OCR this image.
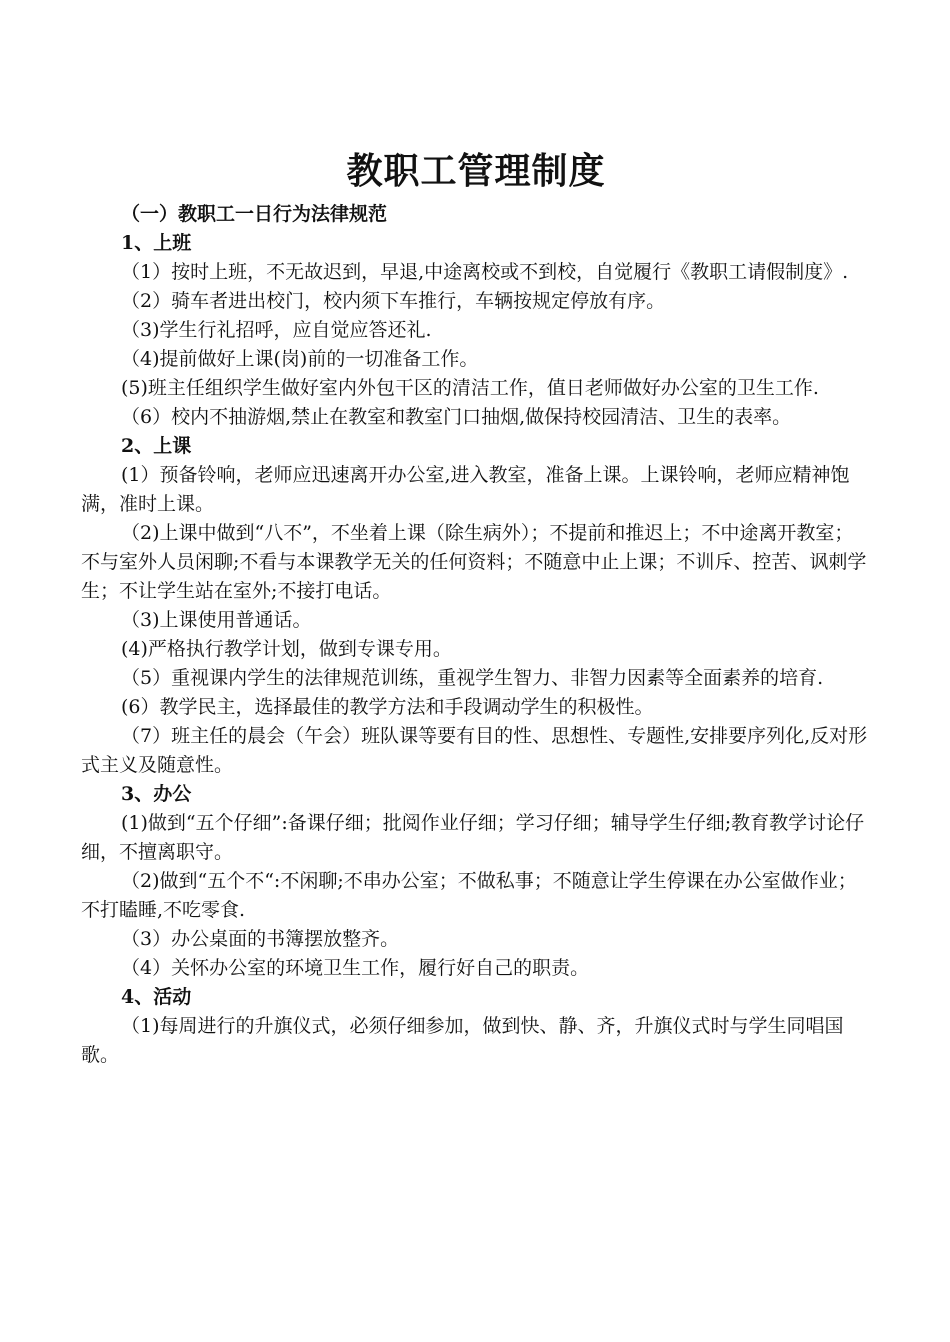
教职工管理制度

（一）教职工一日行为法律规范

1、上班

（1）按时上班，不无故迟到，早退,中途离校或不到校，自觉履行《教职工请假制度》.

（2）骑车者进出校门，校内须下车推行，车辆按规定停放有序。

（3)学生行礼招呼，应自觉应答还礼.

（4)提前做好上课(岗)前的一切准备工作。

(5)班主任组织学生做好室内外包干区的清洁工作，值日老师做好办公室的卫生工作.

（6）校内不抽游烟,禁止在教室和教室门口抽烟,做保持校园清洁、卫生的表率。

2、上课

(1）预备铃响，老师应迅速离开办公室,进入教室，准备上课。上课铃响，老师应精神饱满，准时上课。

（2)上课中做到“八不”，不坐着上课（除生病外）；不提前和推迟上；不中途离开教室；不与室外人员闲聊;不看与本课教学无关的任何资料；不随意中止上课；不训斥、控苦、讽刺学生；不让学生站在室外;不接打电话。

（3)上课使用普通话。

(4)严格执行教学计划，做到专课专用。

（5）重视课内学生的法律规范训练，重视学生智力、非智力因素等全面素养的培育.

(6）教学民主，选择最佳的教学方法和手段调动学生的积极性。

（7）班主任的晨会（午会）班队课等要有目的性、思想性、专题性,安排要序列化,反对形式主义及随意性。

3、办公

(1)做到“五个仔细”:备课仔细；批阅作业仔细；学习仔细；辅导学生仔细;教育教学讨论仔细，不擅离职守。

（2)做到“五个不“:不闲聊;不串办公室；不做私事；不随意让学生停课在办公室做作业；不打瞌睡,不吃零食.

（3）办公桌面的书簿摆放整齐。

（4）关怀办公室的环境卫生工作，履行好自己的职责。

4、活动

（1)每周进行的升旗仪式，必须仔细参加，做到快、静、齐，升旗仪式时与学生同唱国歌。
